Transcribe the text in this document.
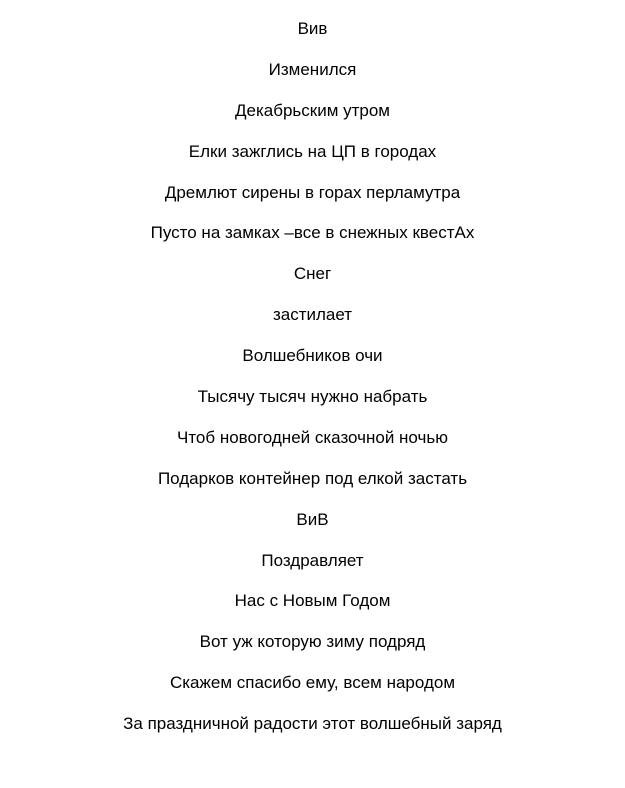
Вив
Изменился
Декабрьским утром
Елки зажглись на ЦП в городах
Дремлют сирены в горах перламутра
Пусто на замках –все в снежных квестАх
Снег
застилает
Волшебников очи
Тысячу тысяч нужно набрать
Чтоб новогодней сказочной ночью
Подарков контейнер под елкой застать
ВиВ
Поздравляет
Нас с Новым Годом
Вот уж которую зиму подряд
Скажем спасибо ему, всем народом
За праздничной радости этот волшебный заряд
